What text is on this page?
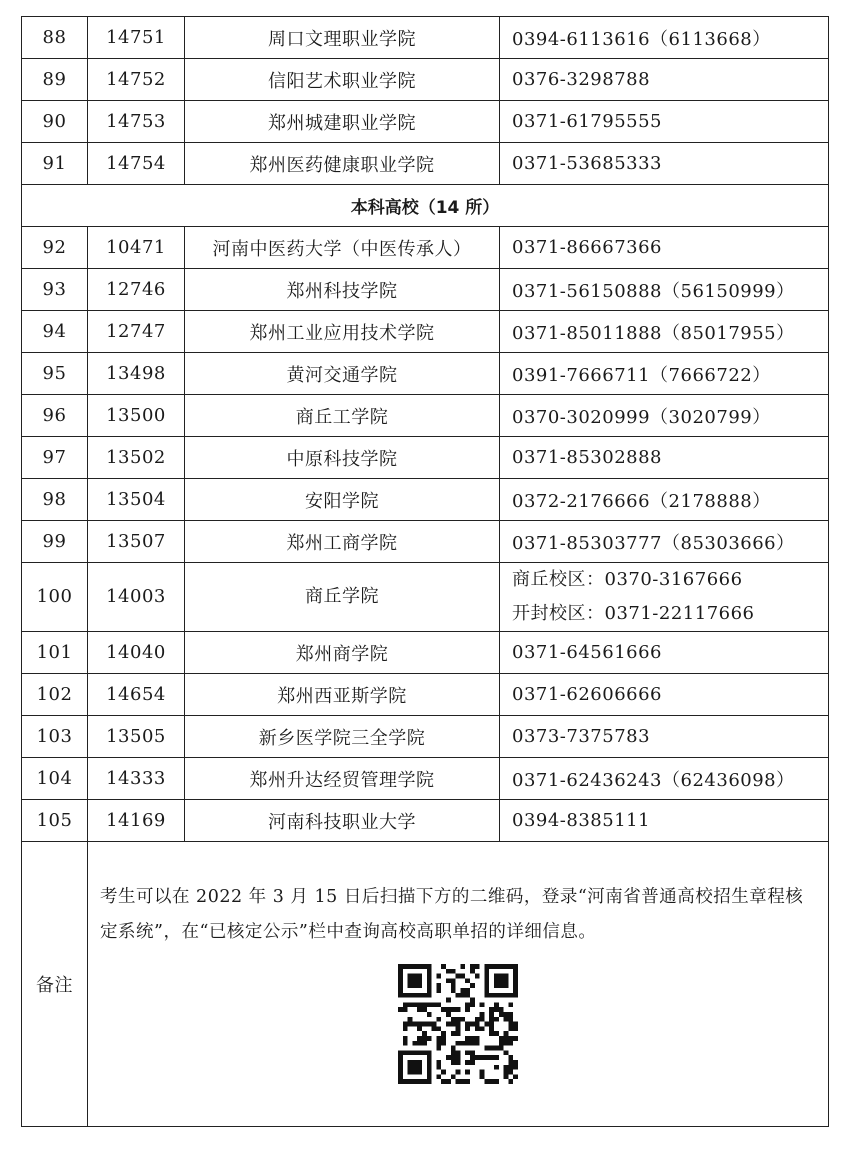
88	14751	周口文理职业学院	0394-6113616（6113668）
89	14752	信阳艺术职业学院	0376-3298788
90	14753	郑州城建职业学院	0371-61795555
91	14754	郑州医药健康职业学院	0371-53685333
本科高校（14 所）			
92	10471	河南中医药大学（中医传承人）	0371-86667366
93	12746	郑州科技学院	0371-56150888（56150999）
94	12747	郑州工业应用技术学院	0371-85011888（85017955）
95	13498	黄河交通学院	0391-7666711（7666722）
96	13500	商丘工学院	0370-3020999（3020799）
97	13502	中原科技学院	0371-85302888
98	13504	安阳学院	0372-2176666（2178888）
99	13507	郑州工商学院	0371-85303777（85303666）
100	14003	商丘学院	商丘校区：0370-3167666
开封校区：0371-22117666

101	14040	郑州商学院	0371-64561666
102	14654	郑州西亚斯学院	0371-62606666
103	13505	新乡医学院三全学院	0373-7375783
104	14333	郑州升达经贸管理学院	0371-62436243（62436098）
105	14169	河南科技职业大学	0394-8385111
备注	考生可以在 2022 年 3 月 15 日后扫描下方的二维码，登录“河南省普通高校招生章程核定系统”，在“已核定公示”栏中查询高校高职单招的详细信息。		
